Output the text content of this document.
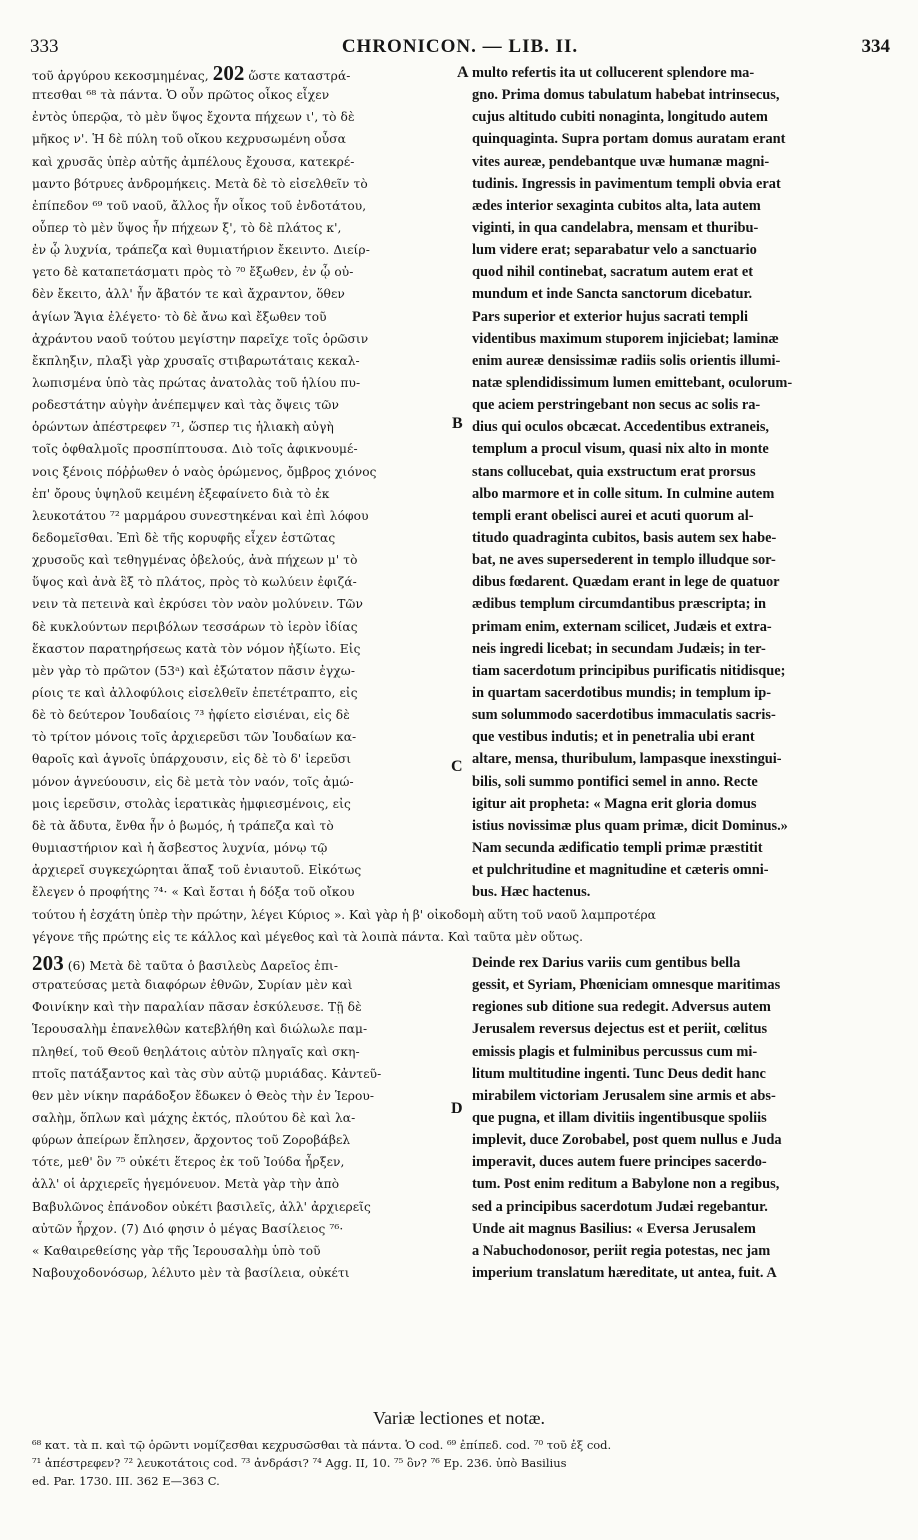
333	CHRONICON. — LIB. II.	334
τοῦ ἀργύρου κεκοσμημένας, 202 ὥστε καταστρά-
πτεσθαι ⁶⁸ τὰ πάντα. Ὁ οὖν πρῶτος οἶκος εἶχεν
ἐντὸς ὑπερῷα, τὸ μὲν ὕψος ἔχοντα πήχεων ι', τὸ δὲ
μῆκος ν'. Ἡ δὲ πύλη τοῦ οἴκου κεχρυσωμένη οὖσα
καὶ χρυσᾶς ὑπὲρ αὐτῆς ἀμπέλους ἔχουσα, κατεκρέ-
μαντο βότρυες ἀνδρομήκεις. Μετὰ δὲ τὸ εἰσελθεῖν τὸ
ἐπίπεδον ⁶⁹ τοῦ ναοῦ, ἄλλος ἦν οἶκος τοῦ ἐνδοτάτου,
οὗπερ τὸ μὲν ὕψος ἦν πήχεων ξ', τὸ δὲ πλάτος κ',
ἐν ᾧ λυχνία, τράπεζα καὶ θυμιατήριον ἔκειντο. Διείρ-
γετο δὲ καταπετάσματι πρὸς τὸ ⁷⁰ ἔξωθεν, ἐν ᾧ οὐ-
δὲν ἔκειτο, ἀλλ' ἦν ἄβατόν τε καὶ ἄχραντον, ὅθεν
ἁγίων Ἅγια ἐλέγετο· τὸ δὲ ἄνω καὶ ἔξωθεν τοῦ
ἀχράντου ναοῦ τούτου μεγίστην παρεῖχε τοῖς ὁρῶσιν
ἔκπληξιν, πλαξὶ γὰρ χρυσαῖς στιβαρωτάταις κεκαλ-
λωπισμένα ὑπὸ τὰς πρώτας ἀνατολὰς τοῦ ἡλίου πυ-
ροδεστάτην αὐγὴν ἀνέπεμψεν καὶ τὰς ὄψεις τῶν
ὁρώντων ἀπέστρεφεν ⁷¹, ὥσπερ τις ἡλιακὴ αὐγὴ
τοῖς ὀφθαλμοῖς προσπίπτουσα. Διὸ τοῖς ἀφικνουμέ-
νοις ξένοις πόῤῥωθεν ὁ ναὸς ὁρώμενος, ὄμβρος χιόνος
ἐπ' ὄρους ὑψηλοῦ κειμένη ἐξεφαίνετο διὰ τὸ ἐκ
λευκοτάτου ⁷² μαρμάρου συνεστηκέναι καὶ ἐπὶ λόφου
δεδομεῖσθαι. Ἐπὶ δὲ τῆς κορυφῆς εἶχεν ἑστῶτας
χρυσοῦς καὶ τεθηγμένας ὀβελούς, ἀνὰ πήχεων μ' τὸ
ὕψος καὶ ἀνὰ ἓξ τὸ πλάτος, πρὸς τὸ κωλύειν ἐφιζά-
νειν τὰ πετεινὰ καὶ ἐκρύσει τὸν ναὸν μολύνειν. Τῶν
δὲ κυκλούντων περιβόλων τεσσάρων τὸ ἱερὸν ἰδίας
ἕκαστον παρατηρήσεως κατὰ τὸν νόμον ἠξίωτο. Εἰς
μὲν γὰρ τὸ πρῶτον (53ᵃ) καὶ ἐξώτατον πᾶσιν ἐγχω-
ρίοις τε καὶ ἀλλοφύλοις εἰσελθεῖν ἐπετέτραπτο, εἰς
δὲ τὸ δεύτερον Ἰουδαίοις ⁷³ ἠφίετο εἰσιέναι, εἰς δὲ
τὸ τρίτον μόνοις τοῖς ἀρχιερεῦσι τῶν Ἰουδαίων κα-
θαροῖς καὶ ἁγνοῖς ὑπάρχουσιν, εἰς δὲ τὸ δ' ἱερεῦσι
μόνον ἁγνεύουσιν, εἰς δὲ μετὰ τὸν ναόν, τοῖς ἀμώ-
μοις ἱερεῦσιν, στολὰς ἱερατικὰς ἠμφιεσμένοις, εἰς
δὲ τὰ ἄδυτα, ἔνθα ἦν ὁ βωμός, ἡ τράπεζα καὶ τὸ
θυμιαστήριον καὶ ἡ ἄσβεστος λυχνία, μόνῳ τῷ
ἀρχιερεῖ συγκεχώρηται ἅπαξ τοῦ ἐνιαυτοῦ. Εἰκότως
ἔλεγεν ὁ προφήτης ⁷⁴· « Καὶ ἔσται ἡ δόξα τοῦ οἴκου
multo refertis ita ut collucerent splendore ma-
gno. Prima domus tabulatum habebat intrinsecus,
cujus altitudo cubiti nonaginta, longitudo autem
quinquaginta. Supra portam domus auratam erant
vites aureæ, pendebantque uvæ humanæ magni-
tudinis. Ingressis in pavimentum templi obvia erat
ædes interior sexaginta cubitos alta, lata autem
viginti, in qua candelabra, mensam et thuribu-
lum videre erat; separabatur velo a sanctuario
quod nihil continebat, sacratum autem erat et
mundum et inde Sancta sanctorum dicebatur.
Pars superior et exterior hujus sacrati templi
videntibus maximum stuporem injiciebat; laminæ
enim aureæ densissimæ radiis solis orientis illumi-
natæ splendidissimum lumen emittebant, oculorum-
que aciem perstringebant non secus ac solis ra-
dius qui oculos obcæcat. Accedentibus extraneis,
templum a procul visum, quasi nix alto in monte
stans collucebat, quia exstructum erat prorsus
albo marmore et in colle situm. In culmine autem
templi erant obelisci aurei et acuti quorum al-
titudo quadraginta cubitos, basis autem sex habe-
bat, ne aves supersederent in templo illudque sor-
dibus fœdarent. Quædam erant in lege de quatuor
ædibus templum circumdantibus præscripta; in
primam enim, externam scilicet, Judæis et extra-
neis ingredi licebat; in secundam Judæis; in ter-
tiam sacerdotum principibus purificatis nitidisque;
in quartam sacerdotibus mundis; in templum ip-
sum solummodo sacerdotibus immaculatis sacris-
que vestibus indutis; et in penetralia ubi erant
altare, mensa, thuribulum, lampasque inexstingui-
bilis, soli summo pontifici semel in anno. Recte
igitur ait propheta: « Magna erit gloria domus
istius novissimæ plus quam primæ, dicit Dominus.»
Nam secunda ædificatio templi primæ præstitit
et pulchritudine et magnitudine et cæteris omni-
bus. Hæc hactenus.
A
B
C
D
τούτου ἡ ἐσχάτη ὑπὲρ τὴν πρώτην, λέγει Κύριος ». Καὶ γὰρ ἡ β' οἰκοδομὴ αὕτη τοῦ ναοῦ λαμπροτέρα
γέγονε τῆς πρώτης εἰς τε κάλλος καὶ μέγεθος καὶ τὰ λοιπὰ πάντα. Καὶ ταῦτα μὲν οὕτως.
203 (6) Μετὰ δὲ ταῦτα ὁ βασιλεὺς Δαρεῖος ἐπι-
στρατεύσας μετὰ διαφόρων ἐθνῶν, Συρίαν μὲν καὶ
Φοινίκην καὶ τὴν παραλίαν πᾶσαν ἐσκύλευσε. Τῇ δὲ
Ἱερουσαλὴμ ἐπανελθὼν κατεβλήθη καὶ διώλωλε παμ-
πληθεί, τοῦ Θεοῦ θεηλάτοις αὐτὸν πληγαῖς καὶ σκη-
πτοῖς πατάξαντος καὶ τὰς σὺν αὐτῷ μυριάδας. Κἀντεῦ-
θεν μὲν νίκην παράδοξον ἔδωκεν ὁ Θεὸς τὴν ἐν Ἱερου-
σαλὴμ, ὅπλων καὶ μάχης ἐκτός, πλούτου δὲ καὶ λα-
φύρων ἀπείρων ἔπλησεν, ἄρχοντος τοῦ Ζοροβάβελ
τότε, μεθ' ὃν ⁷⁵ οὐκέτι ἕτερος ἐκ τοῦ Ἰούδα ἦρξεν,
ἀλλ' οἱ ἀρχιερεῖς ἡγεμόνευον. Μετὰ γὰρ τὴν ἀπὸ
Βαβυλῶνος ἐπάνοδον οὐκέτι βασιλεῖς, ἀλλ' ἀρχιερεῖς
αὐτῶν ἦρχον. (7) Διό φησιν ὁ μέγας Βασίλειος ⁷⁶·
« Καθαιρεθείσης γὰρ τῆς Ἱερουσαλὴμ ὑπὸ τοῦ
Ναβουχοδονόσωρ, λέλυτο μὲν τὰ βασίλεια, οὐκέτι
Deinde rex Darius variis cum gentibus bella
gessit, et Syriam, Phœniciam omnesque maritimas
regiones sub ditione sua redegit. Adversus autem
Jerusalem reversus dejectus est et periit, cœlitus
emissis plagis et fulminibus percussus cum mi-
litum multitudine ingenti. Tunc Deus dedit hanc
mirabilem victoriam Jerusalem sine armis et abs-
que pugna, et illam divitiis ingentibusque spoliis
implevit, duce Zorobabel, post quem nullus e Juda
imperavit, duces autem fuere principes sacerdo-
tum. Post enim reditum a Babylone non a regibus,
sed a principibus sacerdotum Judæi regebantur.
Unde ait magnus Basilius: « Eversa Jerusalem
a Nabuchodonosor, periit regia potestas, nec jam
imperium translatum hæreditate, ut antea, fuit. A
Variæ lectiones et notæ.
⁶⁸ κατ. τὰ π. καὶ τῷ ὁρῶντι νομίζεσθαι κεχρυσῶσθαι τὰ πάντα. Ὁ cod. ⁶⁹ ἐπίπεδ. cod. ⁷⁰ τοῦ ἐξ cod.
⁷¹ ἀπέστρεφεν? ⁷² λευκοτάτοις cod. ⁷³ ἀνδράσι? ⁷⁴ Agg. II, 10. ⁷⁵ ὃν? ⁷⁶ Ep. 236. ὑπὸ Basilius
ed. Par. 1730. III. 362 E—363 C.
